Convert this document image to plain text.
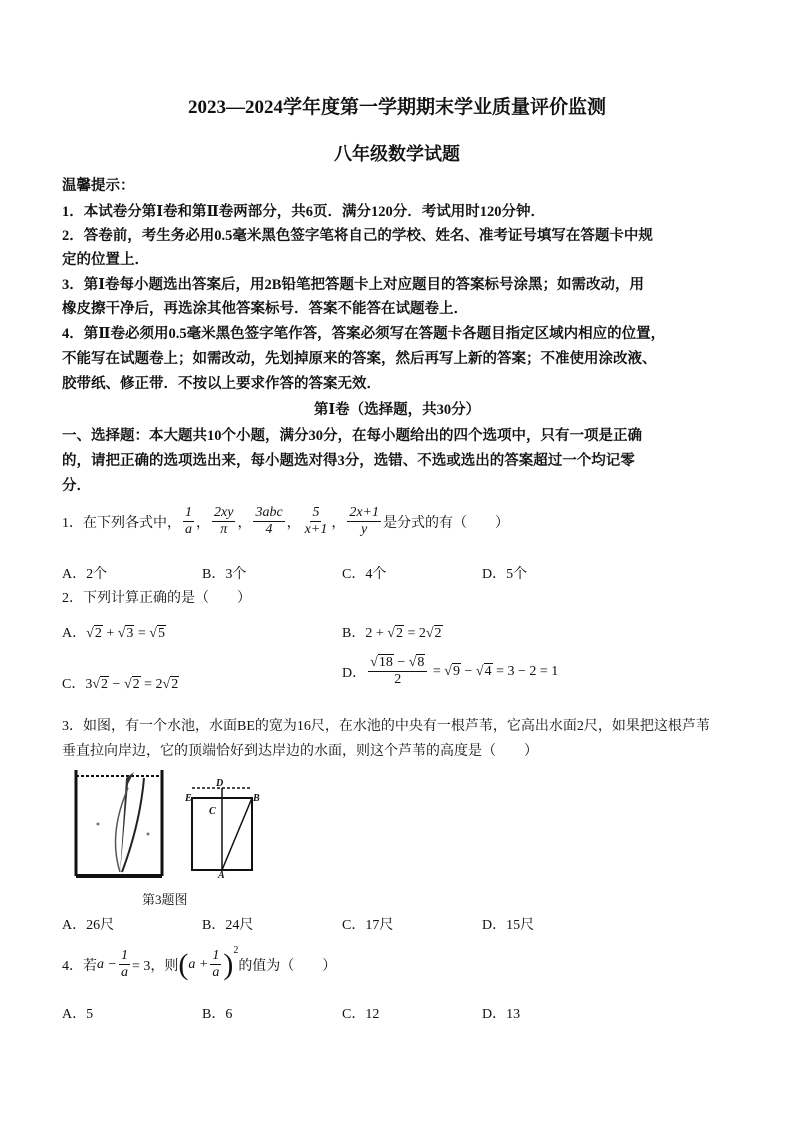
2023—2024学年度第一学期期末学业质量评价监测
八年级数学试题
温馨提示：
1．本试卷分第Ⅰ卷和第Ⅱ卷两部分，共6页．满分120分．考试用时120分钟．
2．答卷前，考生务必用0.5毫米黑色签字笔将自己的学校、姓名、准考证号填写在答题卡中规
定的位置上．
3．第Ⅰ卷每小题选出答案后，用2B铅笔把答题卡上对应题目的答案标号涂黑；如需改动，用
橡皮擦干净后，再选涂其他答案标号．答案不能答在试题卷上．
4．第Ⅱ卷必须用0.5毫米黑色签字笔作答，答案必须写在答题卡各题目指定区域内相应的位置，
不能写在试题卷上；如需改动，先划掉原来的答案，然后再写上新的答案；不准使用涂改液、
胶带纸、修正带．不按以上要求作答的答案无效．
第Ⅰ卷（选择题，共30分）
一、选择题：本大题共10个小题，满分30分，在每小题给出的四个选项中，只有一项是正确
的，请把正确的选项选出来，每小题选对得3分，选错、不选或选出的答案超过一个均记零
分．
1．在下列各式中， $\frac{1}{a}$ ， $\frac{2xy}{\pi}$ ， $\frac{\text{3abc}}{4}$ ， $\frac{5}{x+1}$ ， $\frac{2x+1}{y}$ 是分式的有（　　）
A．2个	B．3个	C．4个	D．5个
2．下列计算正确的是（　　）
A．√2 + √3 = √5	B．2 + √2 = 2√2
C．3√2 − √2 = 2√2
D． $\frac{√18 - √8}{2} = √9 - √4 = 3 - 2 = 1$
3．如图，有一个水池，水面BE的宽为16尺，在水池的中央有一根芦苇，它高出水面2尺，如果把这根芦苇
垂直拉向岸边，它的顶端恰好到达岸边的水面，则这个芦苇的高度是（　　）
D
E	B
C
A
第3题图
A．26尺	B．24尺	C．17尺	D．15尺
4．若 $a - \frac{1}{a} = 3$，则 ( $a + \frac{1}{a}$ ) 2
的值为（　　）
A．5	B．6	C．12	D．13
